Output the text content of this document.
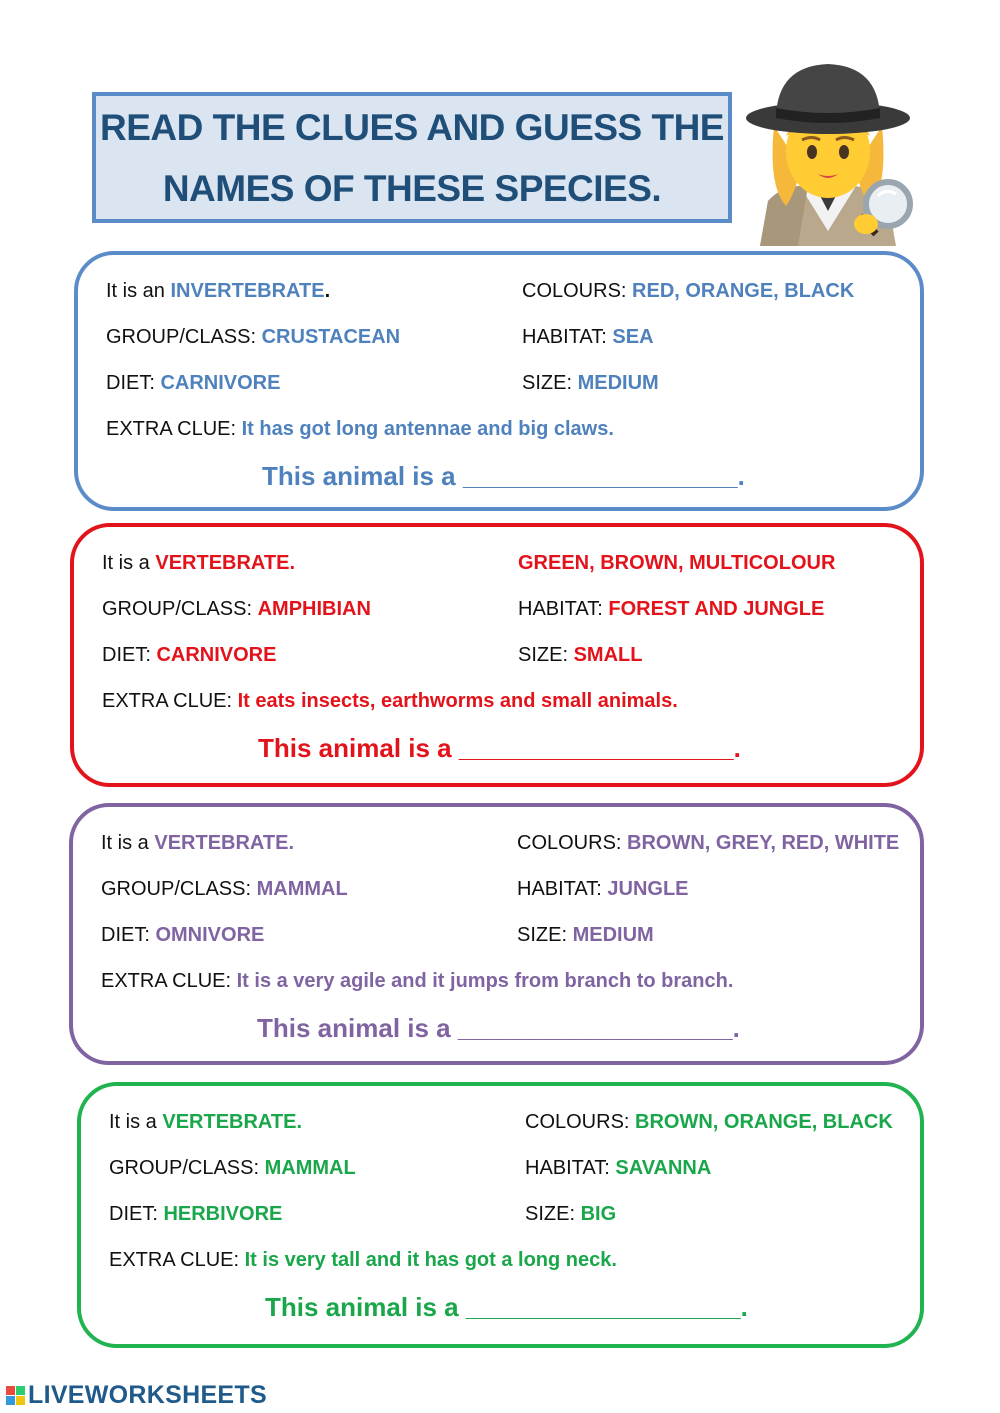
READ THE CLUES AND GUESS THE
NAMES OF THESE SPECIES.
It is an INVERTEBRATE.	COLOURS: RED, ORANGE, BLACK
GROUP/CLASS: CRUSTACEAN	HABITAT: SEA
DIET: CARNIVORE	SIZE: MEDIUM
EXTRA CLUE: It has got long antennae and big claws.
This animal is a ___________________.
It is a VERTEBRATE.	GREEN, BROWN, MULTICOLOUR
GROUP/CLASS: AMPHIBIAN	HABITAT: FOREST AND JUNGLE
DIET: CARNIVORE	SIZE: SMALL
EXTRA CLUE: It eats insects, earthworms and small animals.
This animal is a ___________________.
It is a VERTEBRATE.	COLOURS: BROWN, GREY, RED, WHITE
GROUP/CLASS: MAMMAL	HABITAT: JUNGLE
DIET: OMNIVORE	SIZE: MEDIUM
EXTRA CLUE: It is a very agile and it jumps from branch to branch.
This animal is a ___________________.
It is a VERTEBRATE.	COLOURS: BROWN, ORANGE, BLACK
GROUP/CLASS: MAMMAL	HABITAT: SAVANNA
DIET: HERBIVORE	SIZE: BIG
EXTRA CLUE: It is very tall and it has got a long neck.
This animal is a ___________________.
LIVEWORKSHEETS
